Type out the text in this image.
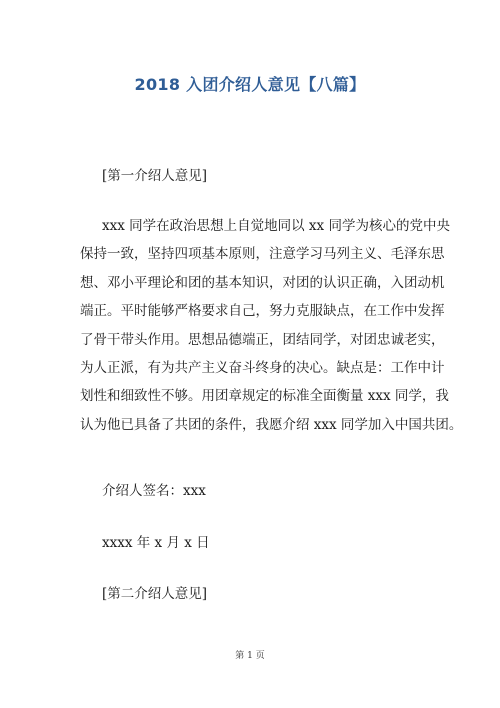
2018 入团介绍人意见【八篇】
[第一介绍人意见]
xxx 同学在政治思想上自觉地同以 xx 同学为核心的党中央
保持一致，坚持四项基本原则，注意学习马列主义、毛泽东思
想、邓小平理论和团的基本知识，对团的认识正确，入团动机
端正。平时能够严格要求自己，努力克服缺点，在工作中发挥
了骨干带头作用。思想品德端正，团结同学，对团忠诚老实，
为人正派，有为共产主义奋斗终身的决心。缺点是：工作中计
划性和细致性不够。用团章规定的标准全面衡量 xxx 同学，我
认为他已具备了共团的条件，我愿介绍 xxx 同学加入中国共团。
介绍人签名：xxx
xxxx 年 x 月 x 日
[第二介绍人意见]
第 1 页
